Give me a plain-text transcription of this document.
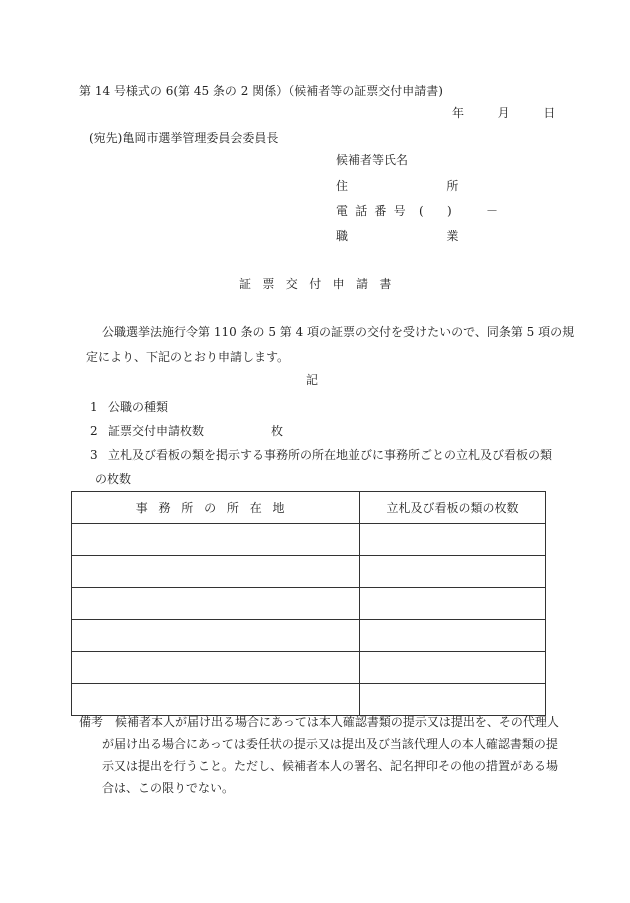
第 14 号様式の 6(第 45 条の 2 関係）（候補者等の証票交付申請書)
年	月	日
(宛先)亀岡市選挙管理委員会委員長
候補者等氏名
住　所
電話番号 ( )	－
職　業
証票交付申請書
公職選挙法施行令第 110 条の 5 第 4 項の証票の交付を受けたいので、同条第 5 項の規
定により、下記のとおり申請します。
記
1 公職の種類
2 証票交付申請枚数	枚
3 立札及び看板の類を掲示する事務所の所在地並びに事務所ごとの立札及び看板の類
の枚数
事務所の所在地	立札及び看板の類の枚数

備考 候補者本人が届け出る場合にあっては本人確認書類の提示又は提出を、その代理人
が届け出る場合にあっては委任状の提示又は提出及び当該代理人の本人確認書類の提
示又は提出を行うこと。ただし、候補者本人の署名、記名押印その他の措置がある場
合は、この限りでない。
